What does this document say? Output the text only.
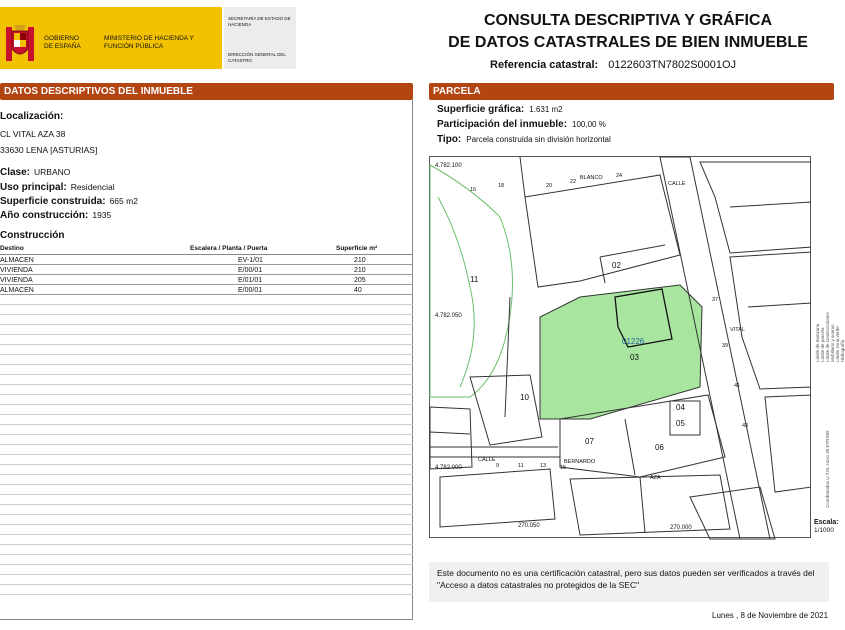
GOBIERNO DE ESPAÑA
MINISTERIO DE HACIENDA Y FUNCIÓN PÚBLICA
SECRETARÍA DE ESTADO DE HACIENDA
DIRECCIÓN GENERAL DEL CATASTRO
CONSULTA DESCRIPTIVA Y GRÁFICA
DE DATOS CATASTRALES DE BIEN INMUEBLE
Referencia catastral: 0122603TN7802S0001OJ
DATOS DESCRIPTIVOS DEL INMUEBLE
Localización:
CL VITAL AZA 38
33630 LENA [ASTURIAS]
Clase: URBANO
Uso principal: Residencial
Superficie construida: 665 m2
Año construcción: 1935
Construcción
Destino	Escalera / Planta / Puerta	Superficie m²
ALMACEN	EV-1/01	210
VIVIENDA	E/00/01	210
VIVIENDA	E/01/01	205
ALMACEN	E/00/01	40
PARCELA
Superficie gráfica: 1.631 m2
Participación del inmueble: 100,00 %
Tipo: Parcela construida sin división horizontal
4.782.100
4.782.050
4.782.000
270.050	270.000
01226
02
03
04
05
06
07
10
11
BLANCO
CALLE
VITAL
AZA
BERNARDO
CALLE
16
18	20
22
24
37
39
41
43
9	11	13	15
Límite de manzana Límite de parcela Límite de construcciones Mobiliario y aceras Límite zona verde Hidrografía
Coordenadas U.T.M. Huso 30 ETRS89
Escala:
1/1000
Este documento no es una certificación catastral, pero sus datos pueden ser verificados a través del "Acceso a datos catastrales no protegidos de la SEC"
Lunes , 8 de Noviembre de 2021
